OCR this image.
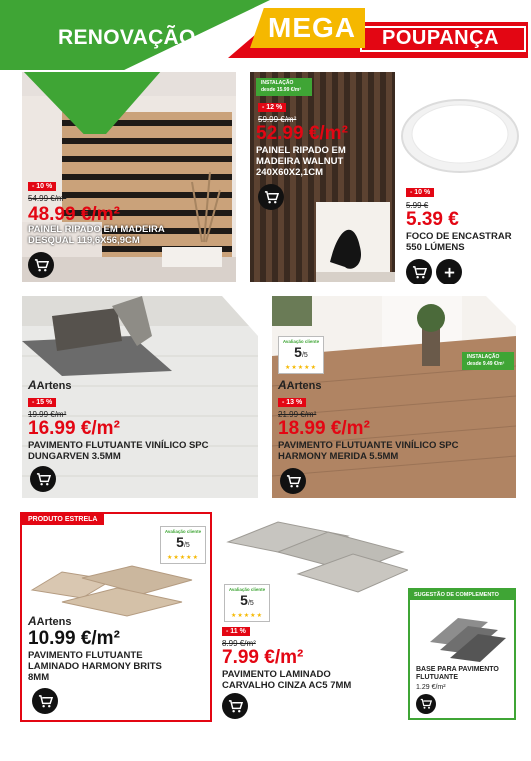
RENOVAÇÃO	MEGA POUPANÇA
- 10 %
54.99 €/m²
48.99 €/m²
PAINEL RIPADO EM MADEIRA DESQUAL 119,6X56,9CM
INSTALAÇÃO desde 15.99 €/m²
- 12 %
59.99 €/m²
52.99 €/m²
PAINEL RIPADO EM MADEIRA WALNUT 240X60X2,1CM
- 10 %
5.99 €
5.39 €
FOCO DE ENCASTRAR 550 LÚMENS
AArtens
- 15 %
19.99 €/m²
16.99 €/m²
PAVIMENTO FLUTUANTE VINÍLICO SPC DUNGARVEN 3.5MM
Avaliação cliente
5/5
★★★★★
INSTALAÇÃO desde 9.49 €/m²
AArtens
- 13 %
21.99 €/m²
18.99 €/m²
PAVIMENTO FLUTUANTE VINÍLICO SPC HARMONY MERIDA 5.5MM
PRODUTO ESTRELA
Avaliação cliente
5/5
★★★★★
AArtens
10.99 €/m²
PAVIMENTO FLUTUANTE LAMINADO HARMONY BRITS 8MM
Avaliação cliente
5/5
★★★★★
- 11 %
8.99 €/m²
7.99 €/m²
PAVIMENTO LAMINADO CARVALHO CINZA AC5 7MM
SUGESTÃO DE COMPLEMENTO
BASE PARA PAVIMENTO FLUTUANTE
1.29 €/m²
